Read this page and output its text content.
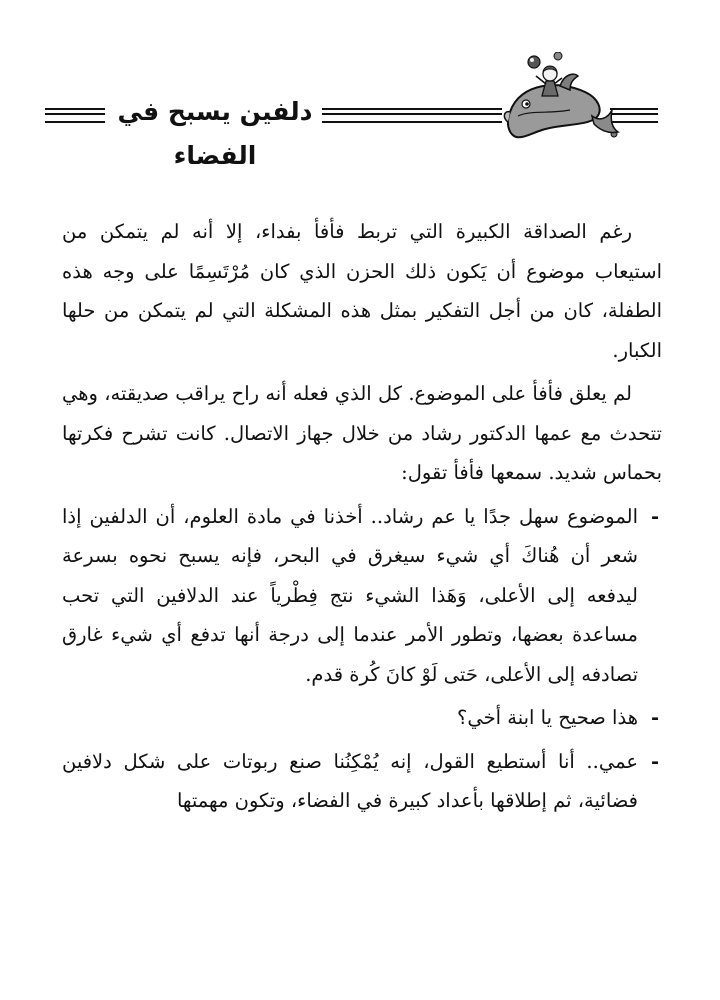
دلفين يسبح في الفضاء

رغم الصداقة الكبيرة التي تربط فأفأ بفداء، إلا أنه لم يتمكن من استيعاب موضوع أن يَكون ذلك الحزن الذي كان مُرْتَسِمًا على وجه هذه الطفلة، كان من أجل التفكير بمثل هذه المشكلة التي لم يتمكن من حلها الكبار.

لم يعلق فأفأ على الموضوع. كل الذي فعله أنه راح يراقب صديقته، وهي تتحدث مع عمها الدكتور رشاد من خلال جهاز الاتصال. كانت تشرح فكرتها بحماس شديد. سمعها فأفأ تقول:

-
الموضوع سهل جدًا يا عم رشاد.. أخذنا في مادة العلوم، أن الدلفين إذا شعر أن هُناكَ أي شيء سيغرق في البحر، فإنه يسبح نحوه بسرعة ليدفعه إلى الأعلى، وَهَذا الشيء نتج فِطْرياً عند الدلافين التي تحب مساعدة بعضها، وتطور الأمر عندما إلى درجة أنها تدفع أي شيء غارق تصادفه إلى الأعلى، حَتى لَوْ كانَ كُرة قدم.
-
هذا صحيح يا ابنة أخي؟
-
عمي.. أنا أستطيع القول، إنه يُمْكِنُنا صنع ربوتات على شكل دلافين فضائية، ثم إطلاقها بأعداد كبيرة في الفضاء، وتكون مهمتها
